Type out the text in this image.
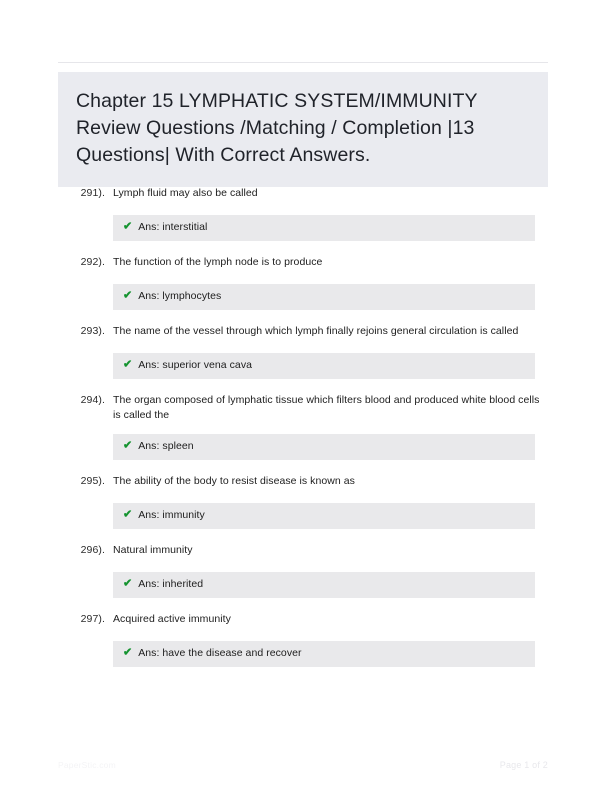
Chapter 15 LYMPHATIC SYSTEM/IMMUNITY Review Questions /Matching / Completion |13 Questions| With Correct Answers.
291). Lymph fluid may also be called
✔ Ans: interstitial
292). The function of the lymph node is to produce
✔ Ans: lymphocytes
293). The name of the vessel through which lymph finally rejoins general circulation is called
✔ Ans: superior vena cava
294). The organ composed of lymphatic tissue which filters blood and produced white blood cells is called the
✔ Ans: spleen
295). The ability of the body to resist disease is known as
✔ Ans: immunity
296). Natural immunity
✔ Ans: inherited
297). Acquired active immunity
✔ Ans: have the disease and recover
PaperStic.com	Page 1 of 2
